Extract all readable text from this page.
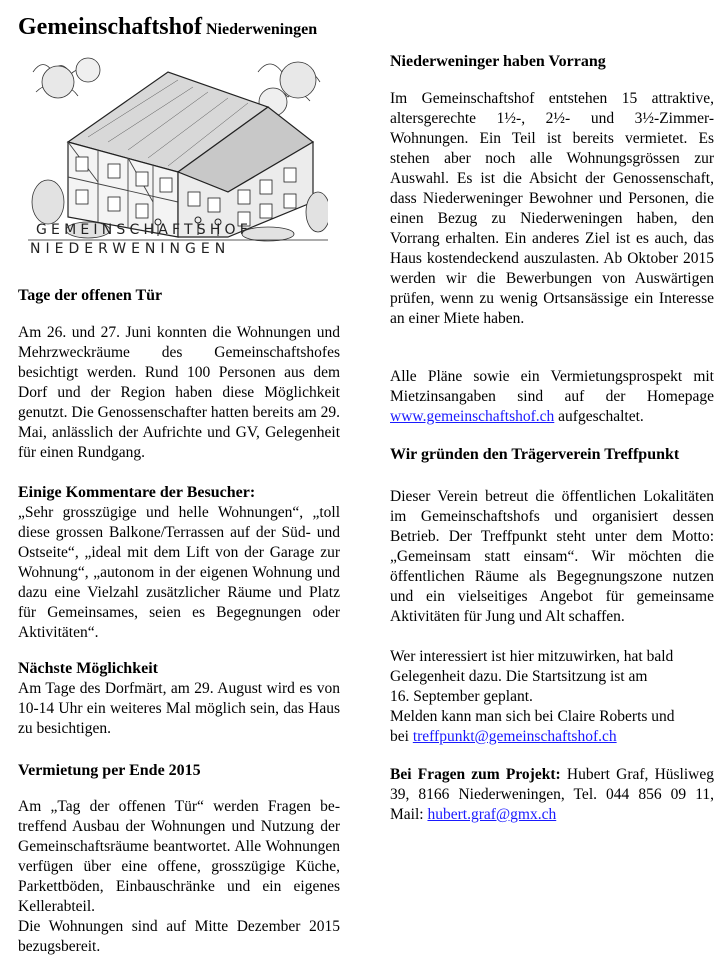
Gemeinschaftshof Niederweningen
GEMEINSCHAFTSHOF
NIEDERWENINGEN
Tage der offenen Tür
Am 26. und 27. Juni konnten die Wohnungen und Mehrzweckräume des Gemeinschaftshofes besichtigt werden. Rund 100 Personen aus dem Dorf und der Region haben diese Möglichkeit genutzt. Die Genossenschafter hatten bereits am 29. Mai, anlässlich der Aufrichte und GV, Gelegenheit für einen Rundgang.
Einige Kommentare der Besucher:
„Sehr grosszügige und helle Wohnungen“, „toll diese grossen Balkone/Terrassen auf der Süd- und Ostseite“, „ideal mit dem Lift von der Garage zur Wohnung“, „autonom in der eigenen Wohnung und dazu eine Vielzahl zusätzlicher Räume und Platz für Gemeinsames, seien es Begegnungen oder Aktivitäten“.
Nächste Möglichkeit
Am Tage des Dorfmärt, am 29. August wird es von 10-14 Uhr ein weiteres Mal möglich sein, das Haus zu besichtigen.
Vermietung per Ende 2015
Am „Tag der offenen Tür“ werden Fragen betreffend Ausbau der Wohnungen und Nutzung der Gemeinschaftsräume beantwortet. Alle Wohnungen verfügen über eine offene, grosszügige Küche, Parkettböden, Einbauschränke und ein eigenes Kellerabteil.
Die Wohnungen sind auf Mitte Dezember 2015 bezugsbereit.
Niederweninger haben Vorrang
Im Gemeinschaftshof entstehen 15 attraktive, altersgerechte 1½-, 2½- und 3½-Zimmer-Wohnungen. Ein Teil ist bereits vermietet. Es stehen aber noch alle Wohnungsgrössen zur Auswahl. Es ist die Absicht der Genossenschaft, dass Niederweninger Bewohner und Personen, die einen Bezug zu Niederweningen haben, den Vorrang erhalten. Ein anderes Ziel ist es auch, das Haus kostendeckend auszulasten. Ab Oktober 2015 werden wir die Bewerbungen von Auswärtigen prüfen, wenn zu wenig Ortsansässige ein Interesse an einer Miete haben.
Alle Pläne sowie ein Vermietungsprospekt mit Mietzinsangaben sind auf der Homepage www.gemeinschaftshof.ch aufgeschaltet.
Wir gründen den Trägerverein Treffpunkt
Dieser Verein betreut die öffentlichen Lokalitäten im Gemeinschaftshofs und organisiert dessen Betrieb. Der Treffpunkt steht unter dem Motto: „Gemeinsam statt einsam“. Wir möchten die öffentlichen Räume als Begegnungszone nutzen und ein vielseitiges Angebot für gemeinsame Aktivitäten für Jung und Alt schaffen.
Wer interessiert ist hier mitzuwirken, hat bald
Gelegenheit dazu. Die Startsitzung ist am
16. September geplant.
Melden kann man sich bei Claire Roberts und
bei treffpunkt@gemeinschaftshof.ch
Bei Fragen zum Projekt: Hubert Graf, Hüsliweg 39, 8166 Niederweningen, Tel. 044 856 09 11, Mail: hubert.graf@gmx.ch
